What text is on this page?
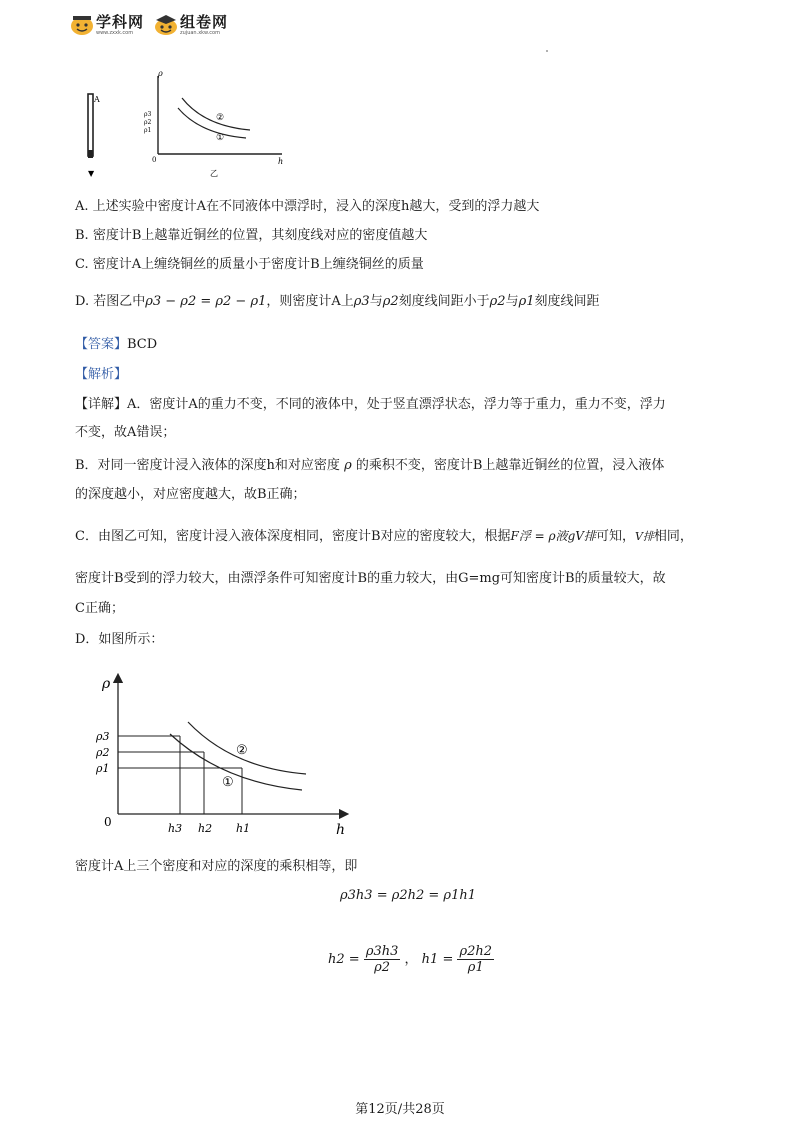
学科网
www.zxxk.com
组卷网
zujuan.xkw.com
A
▼
ρ
h
0
乙
ρ3
ρ2
ρ1
②
①
A. 上述实验中密度计A在不同液体中漂浮时，浸入的深度h越大，受到的浮力越大
B. 密度计B上越靠近铜丝的位置，其刻度线对应的密度值越大
C. 密度计A上缠绕铜丝的质量小于密度计B上缠绕铜丝的质量
D. 若图乙中ρ3 − ρ2 = ρ2 − ρ1，则密度计A上ρ3与ρ2刻度线间距小于ρ2与ρ1刻度线间距
【答案】BCD
【解析】
【详解】A．密度计A的重力不变，不同的液体中，处于竖直漂浮状态，浮力等于重力，重力不变，浮力
不变，故A错误；
B．对同一密度计浸入液体的深度h和对应密度 ρ 的乘积不变，密度计B上越靠近铜丝的位置，浸入液体
的深度越小，对应密度越大，故B正确；
C．由图乙可知，密度计浸入液体深度相同，密度计B对应的密度较大，根据F浮 = ρ液gV排可知，V排相同，
密度计B受到的浮力较大，由漂浮条件可知密度计B的重力较大，由G=mg可知密度计B的质量较大，故
C正确；
D．如图所示：
ρ
h
0
②
①
ρ3
ρ2
ρ1
h3 h2 h1
密度计A上三个密度和对应的深度的乘积相等，即
ρ3h3 = ρ2h2 = ρ1h1
$h2 = \frac{\rho 3h3}{\rho 2}$ ， $h1 = \frac{\rho 2h2}{\rho 1}$
第12页/共28页
